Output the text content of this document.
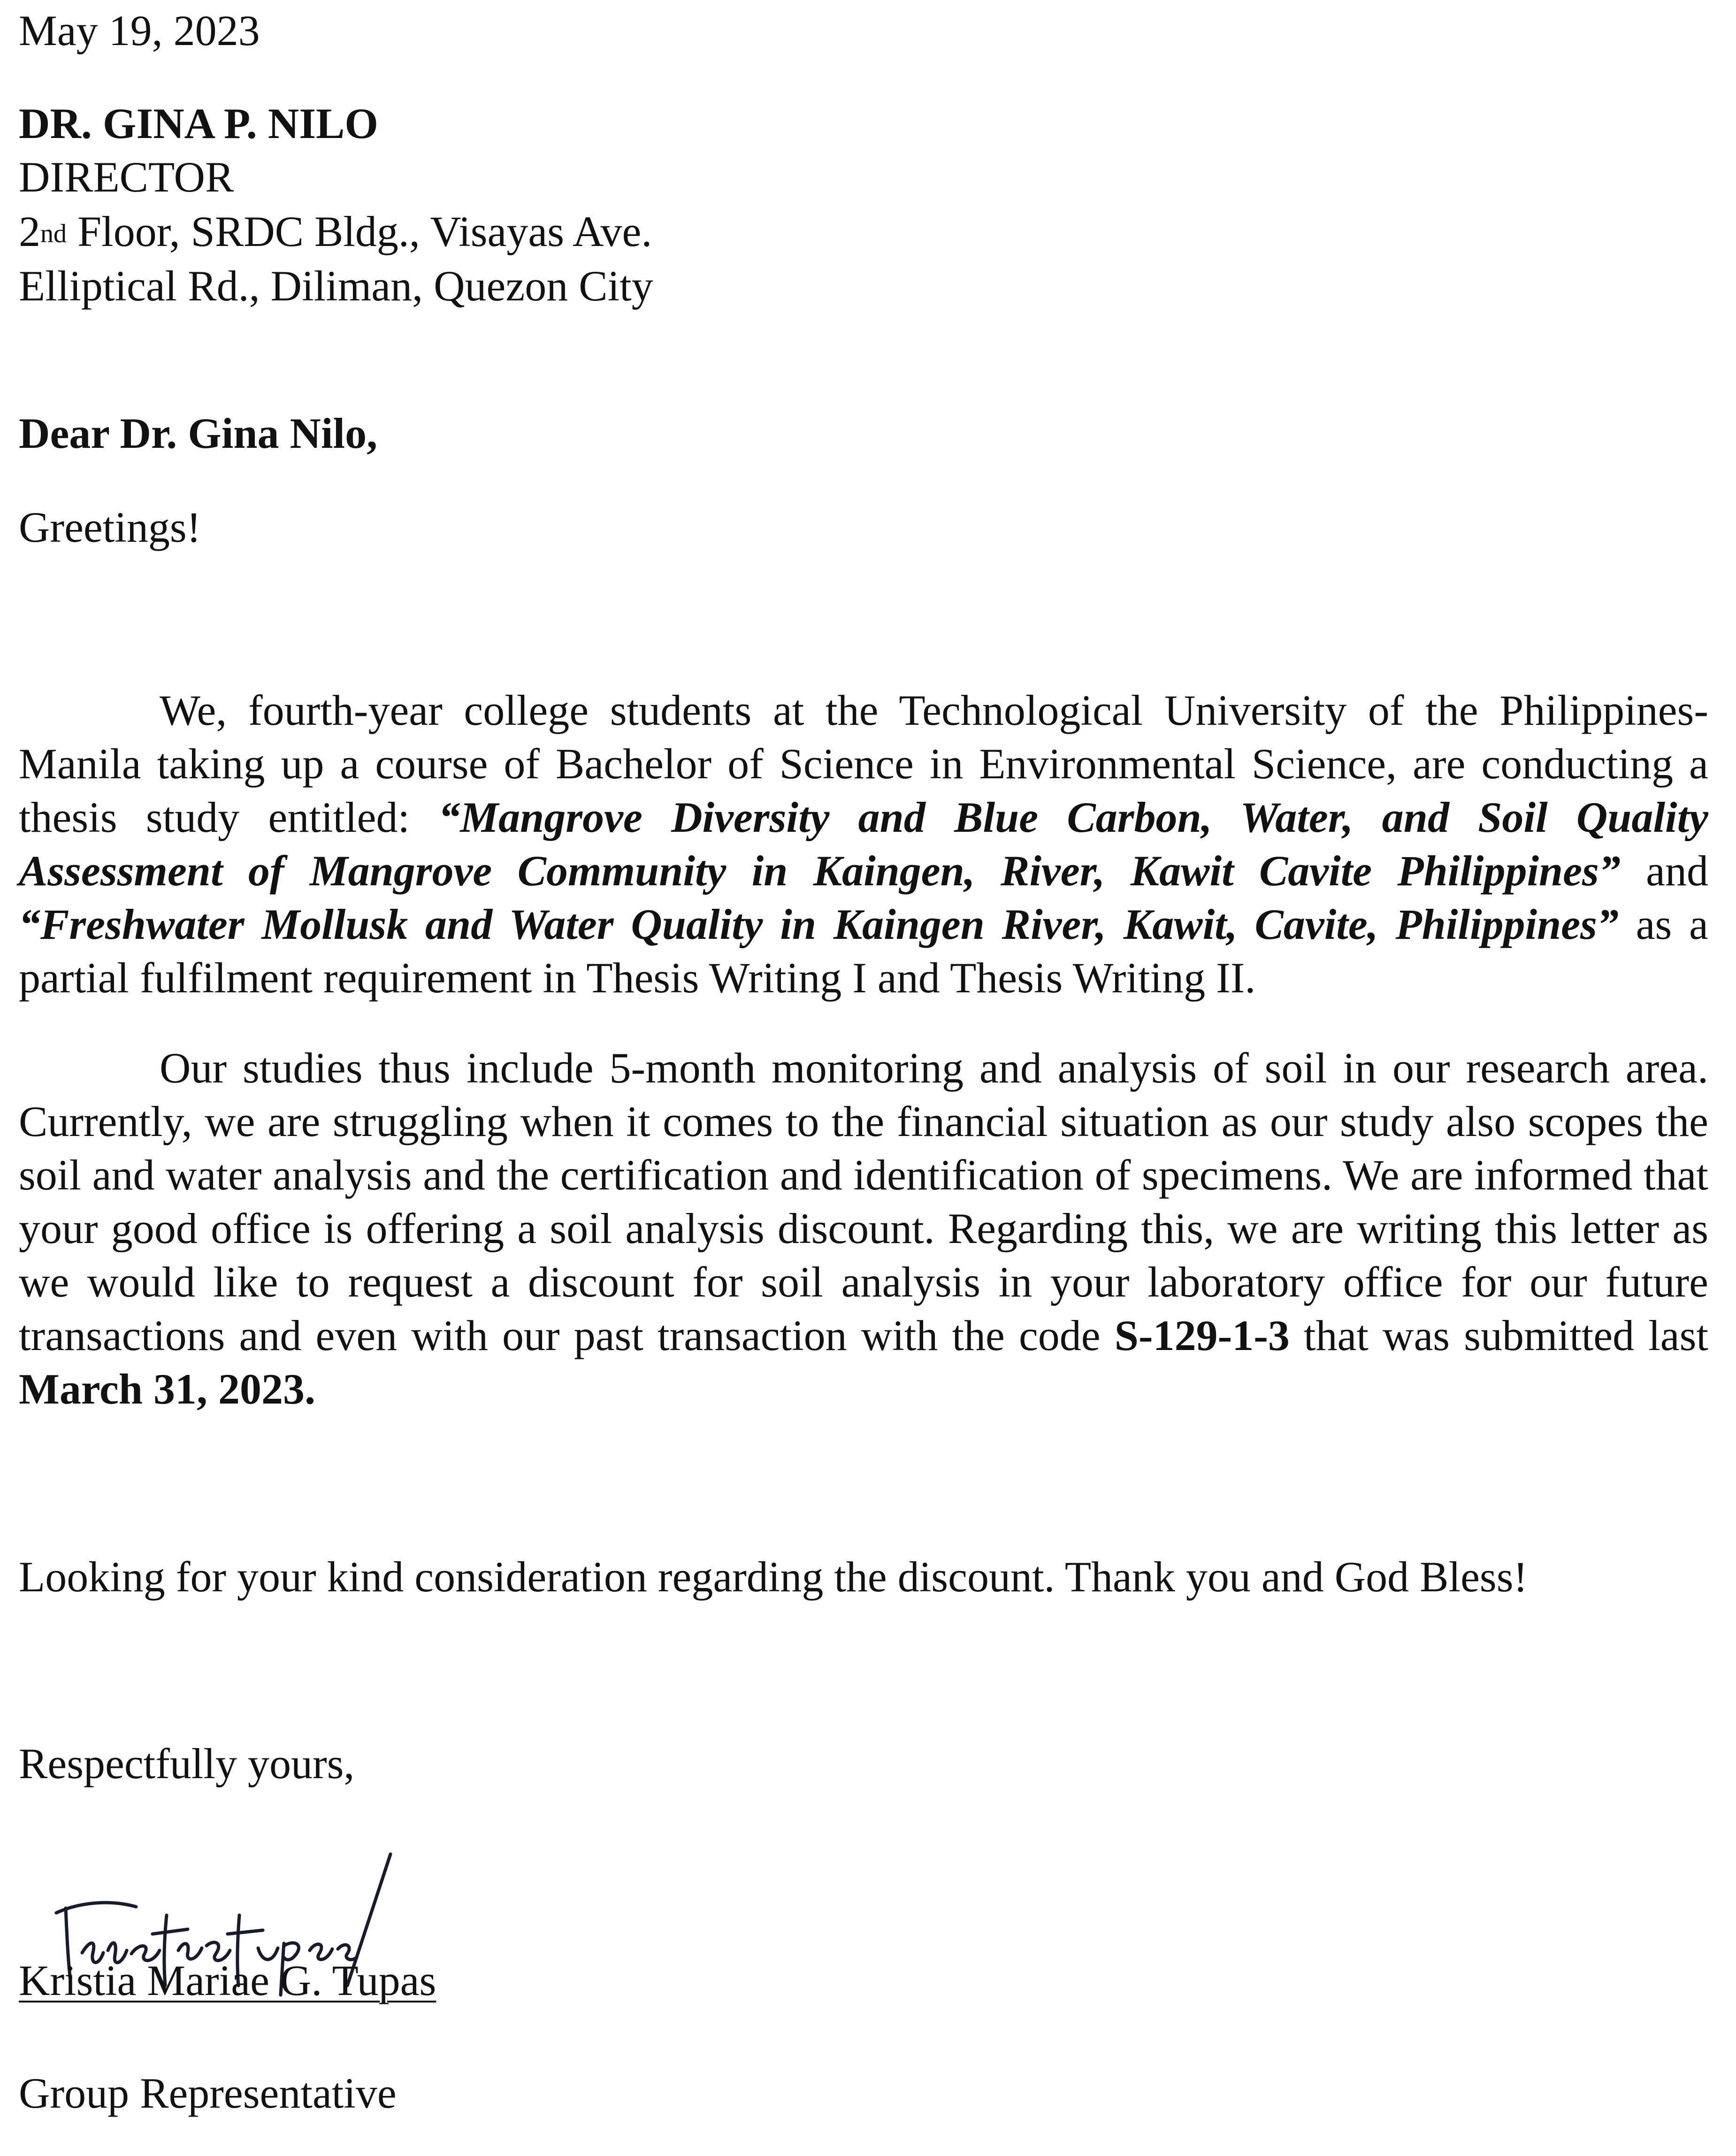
May 19, 2023
DR. GINA P. NILO
DIRECTOR
2nd Floor, SRDC Bldg., Visayas Ave.
Elliptical Rd., Diliman, Quezon City
Dear Dr. Gina Nilo,
Greetings!
We, fourth-year college students at the Technological University of the Philippines-Manila taking up a course of Bachelor of Science in Environmental Science, are conducting a thesis study entitled: “Mangrove Diversity and Blue Carbon, Water, and Soil Quality Assessment of Mangrove Community in Kaingen, River, Kawit Cavite Philippines” and “Freshwater Mollusk and Water Quality in Kaingen River, Kawit, Cavite, Philippines” as a partial fulfilment requirement in Thesis Writing I and Thesis Writing II.
Our studies thus include 5-month monitoring and analysis of soil in our research area. Currently, we are struggling when it comes to the financial situation as our study also scopes the soil and water analysis and the certification and identification of specimens. We are informed that your good office is offering a soil analysis discount. Regarding this, we are writing this letter as we would like to request a discount for soil analysis in your laboratory office for our future transactions and even with our past transaction with the code S-129-1-3 that was submitted last March 31, 2023.
Looking for your kind consideration regarding the discount. Thank you and God Bless!
Respectfully yours,
Kristia Mariae G. Tupas
Group Representative
